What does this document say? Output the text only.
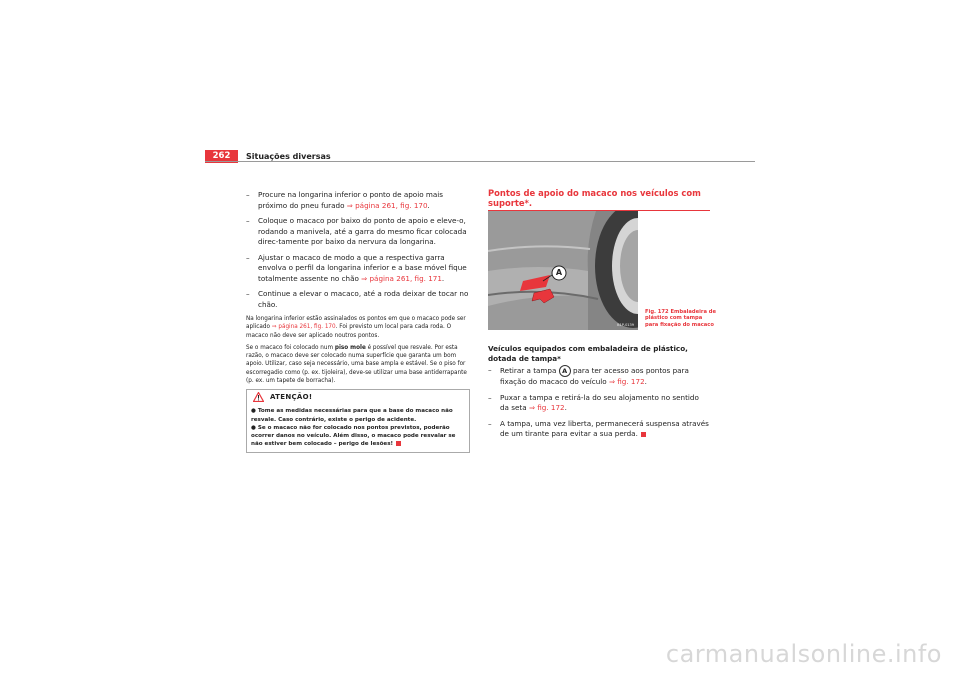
262	Situações diversas
– Procure na longarina inferior o ponto de apoio mais próximo do pneu furado ⇒ página 261, fig. 170.
– Coloque o macaco por baixo do ponto de apoio e eleve-o, rodando a manivela, até a garra do mesmo ficar colocada direc-tamente por baixo da nervura da longarina.
– Ajustar o macaco de modo a que a respectiva garra envolva o perfil da longarina inferior e a base móvel fique totalmente assente no chão ⇒ página 261, fig. 171.
– Continue a elevar o macaco, até a roda deixar de tocar no chão.

Na longarina inferior estão assinalados os pontos em que o macaco pode ser aplicado ⇒ página 261, fig. 170. Foi previsto um local para cada roda. O macaco não deve ser aplicado noutros pontos.

Se o macaco foi colocado num piso mole é possível que resvale. Por esta razão, o macaco deve ser colocado numa superfície que garanta um bom apoio. Utilizar, caso seja necessário, uma base ampla e estável. Se o piso for escorregadio como (p. ex. tijoleira), deve-se utilizar uma base antiderrapante (p. ex. um tapete de borracha).

ATENÇÃO!
● Tome as medidas necessárias para que a base do macaco não resvale. Caso contrário, existe o perigo de acidente.
● Se o macaco não for colocado nos pontos previstos, poderão ocorrer danos no veículo. Além disso, o macaco pode resvalar se não estiver bem colocado – perigo de lesões!
Pontos de apoio do macaco nos veículos com suporte*.
A
B1P-0139
Fig. 172 Embaladeira de plástico com tampa para fixação do macaco
Veículos equipados com embaladeira de plástico, dotada de tampa*
– Retirar a tampa A para ter acesso aos pontos para fixação do macaco do veículo ⇒ fig. 172.
– Puxar a tampa e retirá-la do seu alojamento no sentido da seta ⇒ fig. 172.
– A tampa, uma vez liberta, permanecerá suspensa através de um tirante para evitar a sua perda.
carmanualsonline.info
